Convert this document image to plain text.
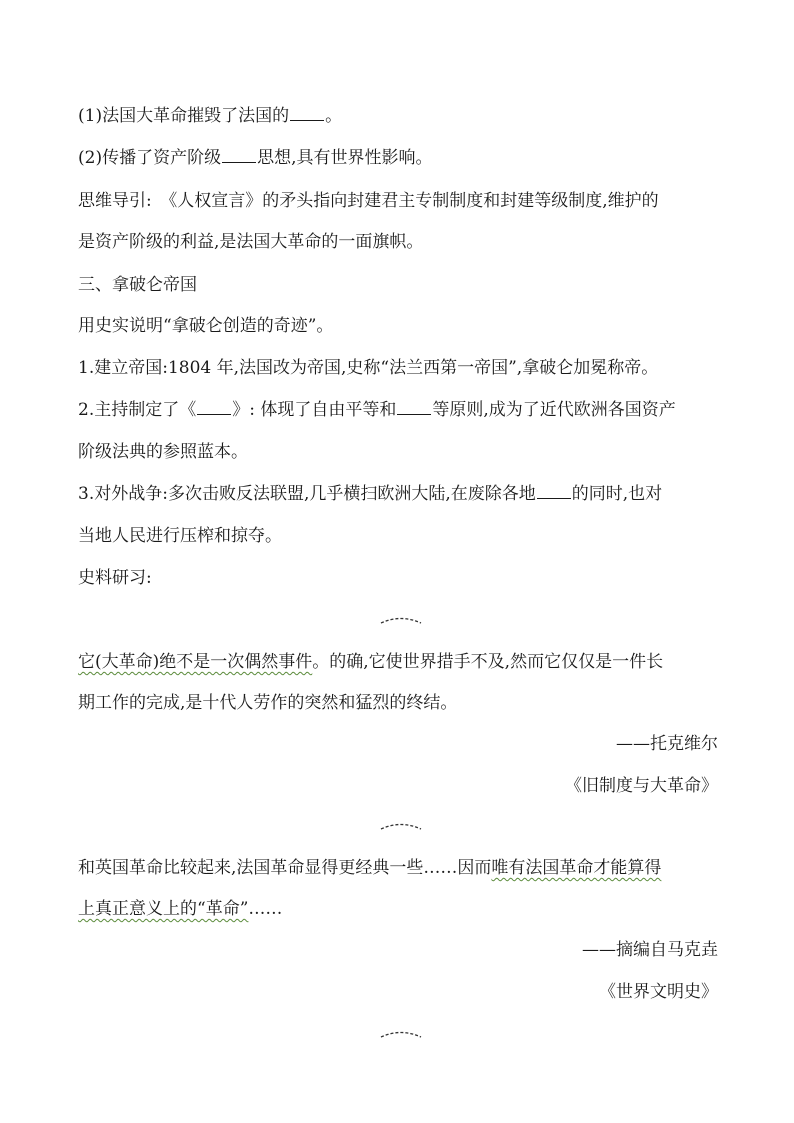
(1)法国大革命摧毁了法国的 。
(2)传播了资产阶级 思想,具有世界性影响。
思维导引:　《人权宣言》的矛头指向封建君主专制制度和封建等级制度,维护的
是资产阶级的利益,是法国大革命的一面旗帜。
三、拿破仑帝国
用史实说明“拿破仑创造的奇迹”。
1.建立帝国:1804 年,法国改为帝国,史称“法兰西第一帝国”,拿破仑加冕称帝。
2.主持制定了《 》: 体现了自由平等和 等原则,成为了近代欧洲各国资产
阶级法典的参照蓝本。
3.对外战争:多次击败反法联盟,几乎横扫欧洲大陆,在废除各地 的同时,也对
当地人民进行压榨和掠夺。
史料研习:
它(大革命)绝不是一次偶然事件。的确,它使世界措手不及,然而它仅仅是一件长
期工作的完成,是十代人劳作的突然和猛烈的终结。
——托克维尔
《旧制度与大革命》
和英国革命比较起来,法国革命显得更经典一些……因而唯有法国革命才能算得
上真正意义上的“革命”……
——摘编自马克垚
《世界文明史》
